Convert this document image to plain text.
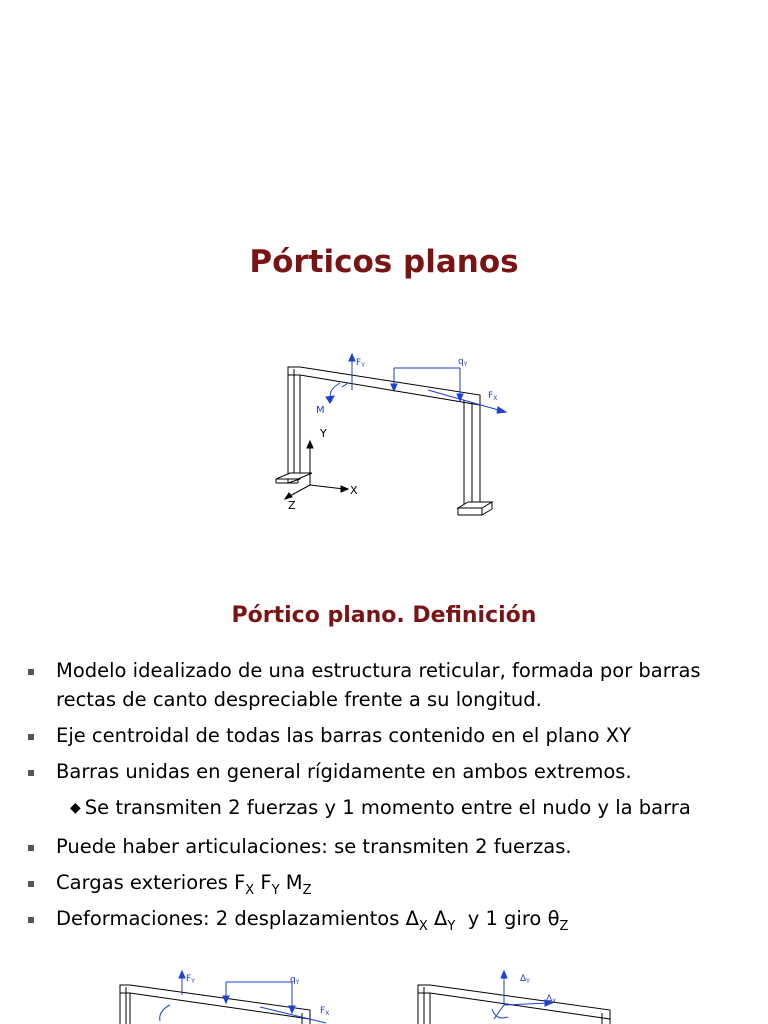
Pórticos planos
Y
X
Z
$F_Y$	$q_Y$
$F_X$
M
Pórtico plano. Definición
Modelo idealizado de una estructura reticular, formada por barras rectas de canto despreciable frente a su longitud.
Eje centroidal de todas las barras contenido en el plano XY
Barras unidas en general rígidamente en ambos extremos.
◆ Se transmiten 2 fuerzas y 1 momento entre el nudo y la barra
Puede haber articulaciones: se transmiten 2 fuerzas.
Cargas exteriores $F_X$ $F_Y$ $M_Z$
Deformaciones: 2 desplazamientos $\Delta_X$ $\Delta_Y$  y 1 giro $\theta_Z$
$F_Y$	$q_Y$
$F_X$
$\Delta_Y$
$\Delta_X$
